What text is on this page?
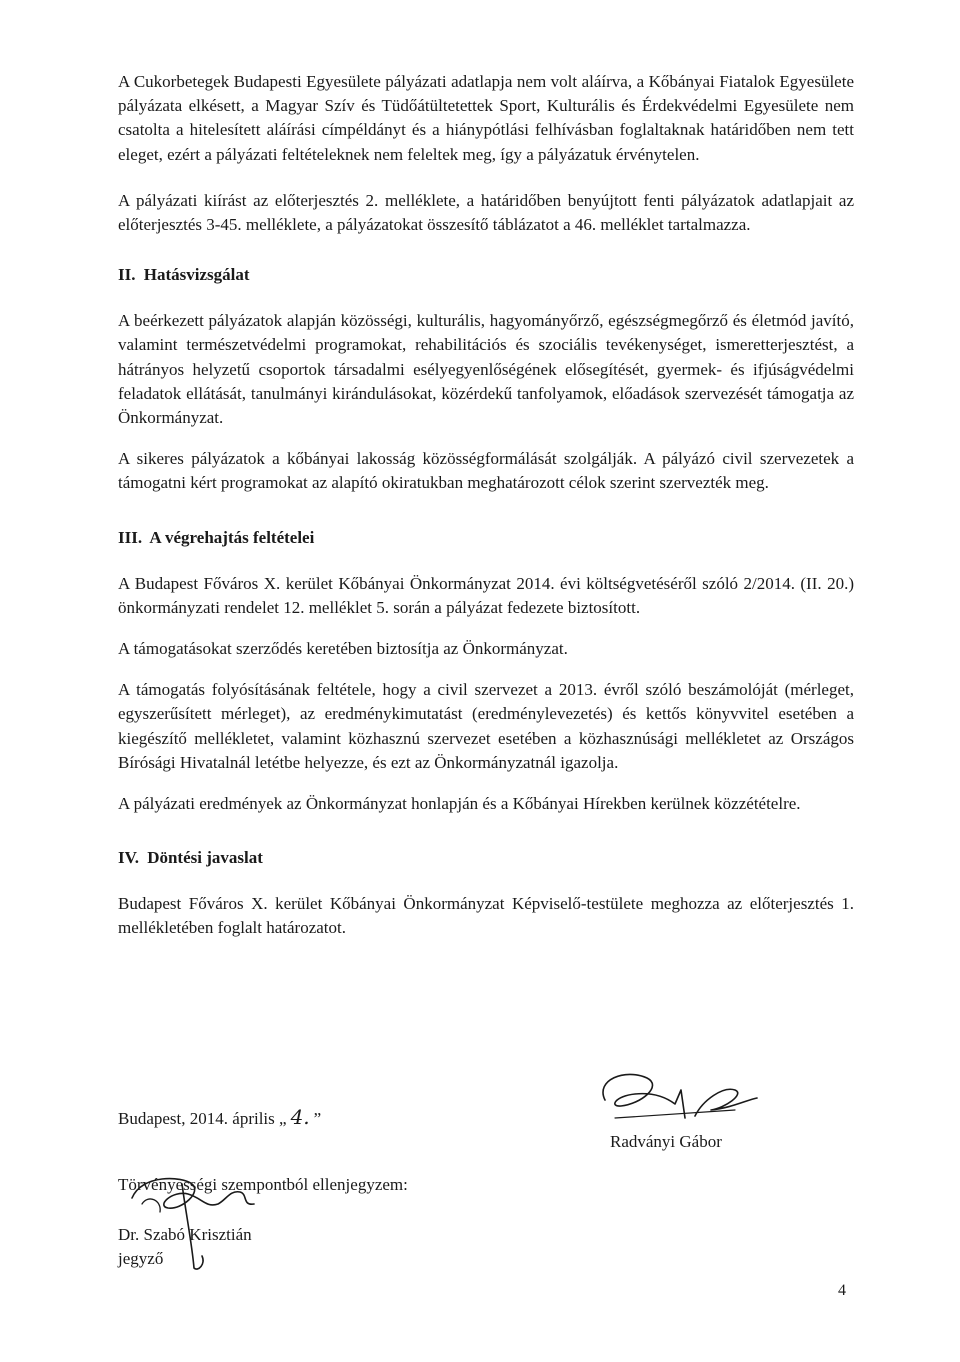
A Cukorbetegek Budapesti Egyesülete pályázati adatlapja nem volt aláírva, a Kőbányai Fiatalok Egyesülete pályázata elkésett, a Magyar Szív és Tüdőátültetettek Sport, Kulturális és Érdekvédelmi Egyesülete nem csatolta a hitelesített aláírási címpéldányt és a hiánypótlási felhívásban foglaltaknak határidőben nem tett eleget, ezért a pályázati feltételeknek nem feleltek meg, így a pályázatuk érvénytelen.

A pályázati kiírást az előterjesztés 2. melléklete, a határidőben benyújtott fenti pályázatok adatlapjait az előterjesztés 3-45. melléklete, a pályázatokat összesítő táblázatot a 46. melléklet tartalmazza.

II. Hatásvizsgálat

A beérkezett pályázatok alapján közösségi, kulturális, hagyományőrző, egészségmegőrző és életmód javító, valamint természetvédelmi programokat, rehabilitációs és szociális tevékenységet, ismeretterjesztést, a hátrányos helyzetű csoportok társadalmi esélyegyenlőségének elősegítését, gyermek- és ifjúságvédelmi feladatok ellátását, tanulmányi kirándulásokat, közérdekű tanfolyamok, előadások szervezését támogatja az Önkormányzat.

A sikeres pályázatok a kőbányai lakosság közösségformálását szolgálják. A pályázó civil szervezetek a támogatni kért programokat az alapító okiratukban meghatározott célok szerint szervezték meg.

III. A végrehajtás feltételei

A Budapest Főváros X. kerület Kőbányai Önkormányzat 2014. évi költségvetéséről szóló 2/2014. (II. 20.) önkormányzati rendelet 12. melléklet 5. során a pályázat fedezete biztosított.

A támogatásokat szerződés keretében biztosítja az Önkormányzat.

A támogatás folyósításának feltétele, hogy a civil szervezet a 2013. évről szóló beszámolóját (mérleget, egyszerűsített mérleget), az eredménykimutatást (eredménylevezetés) és kettős könyvvitel esetében a kiegészítő mellékletet, valamint közhasznú szervezet esetében a közhasznúsági mellékletet az Országos Bírósági Hivatalnál letétbe helyezze, és ezt az Önkormányzatnál igazolja.

A pályázati eredmények az Önkormányzat honlapján és a Kőbányai Hírekben kerülnek közzétételre.

IV. Döntési javaslat

Budapest Főváros X. kerület Kőbányai Önkormányzat Képviselő-testülete meghozza az előterjesztés 1. mellékletében foglalt határozatot.

Budapest, 2014. április „ 4. ”
Radványi Gábor
Törvényességi szempontból ellenjegyzem:
Dr. Szabó Krisztián
jegyző
4
